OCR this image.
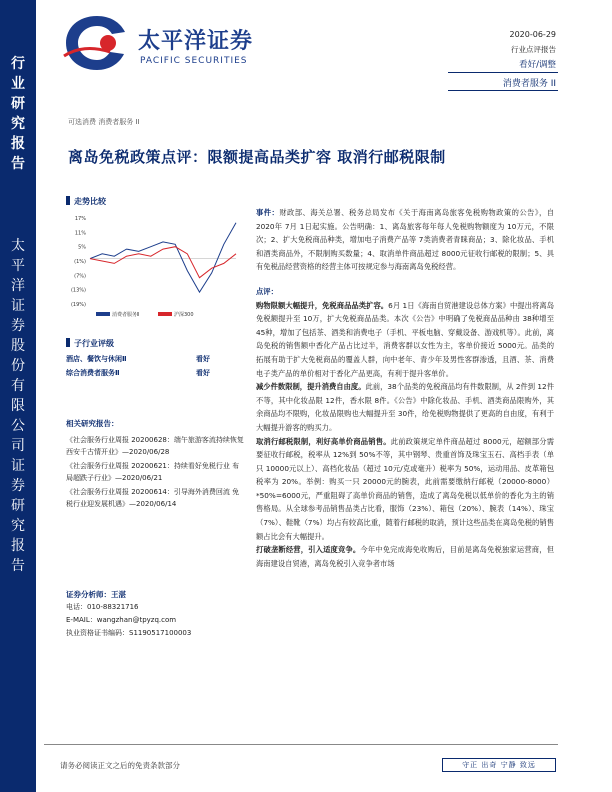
行
业
研
究
报
告
太
平
洋
证
券
股
份
有
限
公
司
证
券
研
究
报
告
太平洋证券
PACIFIC SECURITIES
2020-06-29
行业点评报告
看好/调整
消费者服务 II
可选消费 消费者服务 II
离岛免税政策点评：限额提高品类扩容 取消行邮税限制
走势比较
17%
11%
5%
(1%)
(7%)
(13%)
(19%)
消费者服务Ⅱ	沪深300
子行业评级
酒店、餐饮与休闲Ⅱ	看好
综合消费者服务Ⅱ	看好
相关研究报告：

《社会服务行业周报 20200628：端午旅游客流持续恢复 西安千古情开业》—2020/06/28

《社会服务行业周报 20200621：持续看好免税行业 布局超跌子行业》—2020/06/21

《社会服务行业周报 20200614：引导海外消费回流 免税行业迎发展机遇》—2020/06/14

证券分析师：王湛
电话：010-88321716
E-MAIL：wangzhan@tpyzq.com
执业资格证书编码：S1190517100003

事件：财政部、海关总署、税务总局发布《关于海南离岛旅客免税购物政策的公告》，自 2020年 7月 1日起实施。公告明确：1、离岛旅客每年每人免税购物额度为 10万元，不限次；2、扩大免税商品种类，增加电子消费产品等 7类消费者青睐商品；3、除化妆品、手机和酒类商品外，不限制购买数量；4、取消单件商品超过 8000元征收行邮税的限制；5、具有免税品经营资格的经营主体可按规定参与海南离岛免税经营。

点评：

购物限额大幅提升，免税商品品类扩容。6月 1日《海南自贸港建设总体方案》中提出将离岛免税额提升至 10万，扩大免税商品品类。本次《公告》中明确了免税商品品种由 38种增至 45种，增加了包括茶、酒类和消费电子（手机、平板电脑、穿戴设备、游戏机等）。此前，离岛免税的销售额中香化产品占比过半，消费客群以女性为主，客单价接近 5000元。品类的拓展有助于扩大免税商品的覆盖人群，向中老年、青少年及男性客群渗透，且酒、茶、消费电子类产品的单价相对于香化产品更高，有利于提升客单价。

减少件数限制，提升消费自由度。此前，38个品类的免税商品均有件数限制，从 2件到 12件不等，其中化妆品限 12件，香水限 8件。《公告》中除化妆品、手机、酒类商品限购外，其余商品均不限购，化妆品限购也大幅提升至 30件，给免税购物提供了更高的自由度，有利于大幅提升游客的购买力。

取消行邮税限制，利好高单价商品销售。此前政策规定单件商品超过 8000元，超额部分需要征收行邮税，税率从 12%到 50%不等，其中钢琴、贵重首饰及珠宝玉石、高档手表（单只 10000元以上）、高档化妆品（超过 10元/克或毫升）税率为 50%，运动用品、皮革箱包税率为 20%。举例：购买一只 20000元的腕表，此前需要缴纳行邮税（20000-8000）*50%=6000元，严重阻碍了高单价商品的销售，造成了离岛免税以低单价的香化为主的销售格局。从全球参考品销售品类占比看，服饰（23%）、箱包（20%）、腕表（14%）、珠宝（7%）、鞋靴（7%）均占有较高比重，随着行邮税的取消，预计这些品类在离岛免税的销售额占比会有大幅提升。

打破垄断经营，引入适度竞争。今年中免完成海免收购后，目前是离岛免税独家运营商，但海南建设自贸港，离岛免税引入竞争者市场

请务必阅读正文之后的免责条款部分	守正 出奇 宁静 致远
